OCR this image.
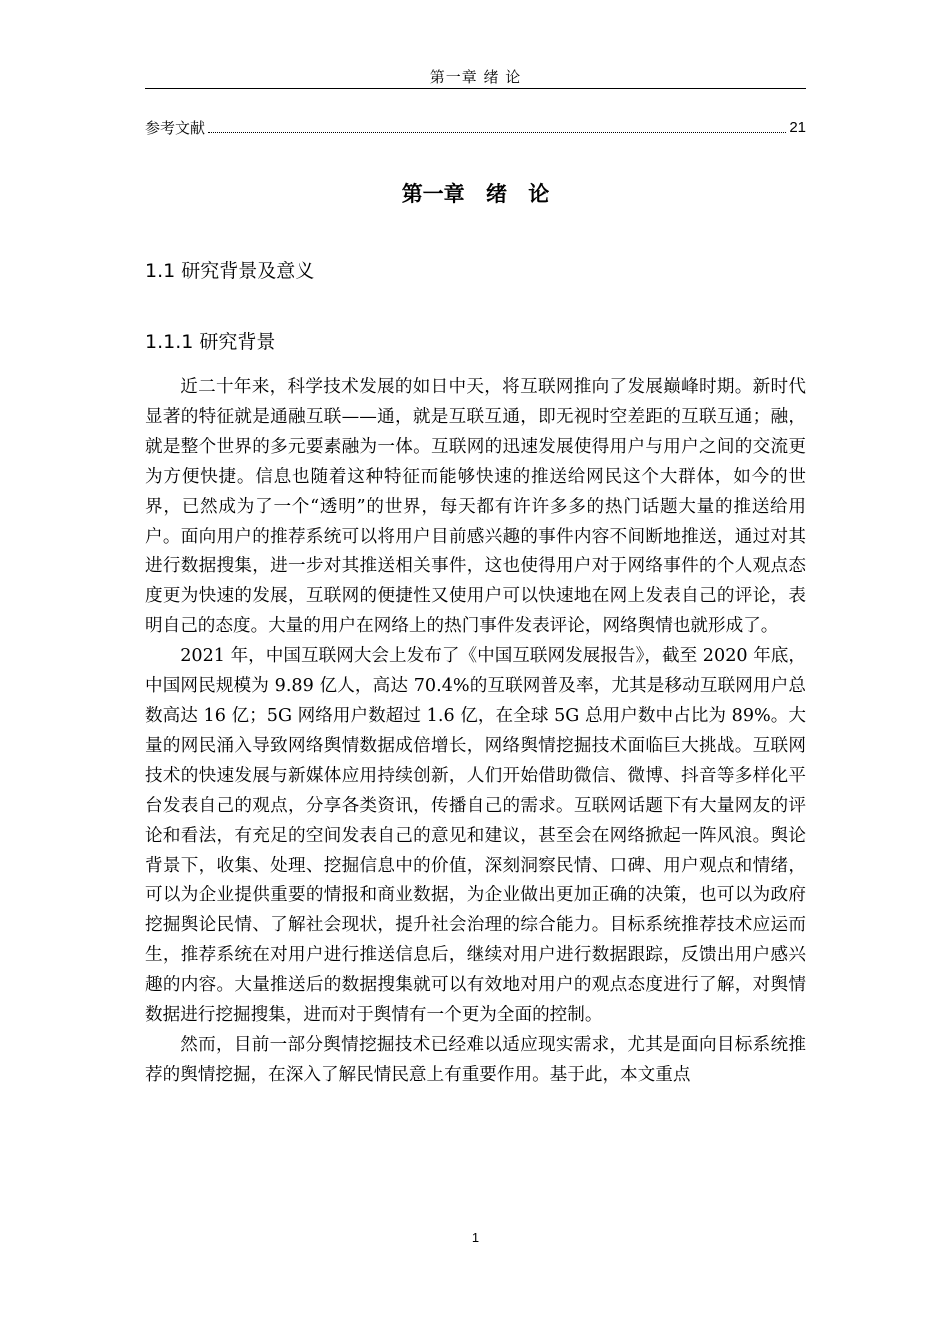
第一章 绪 论
参考文献	21
第一章 绪 论
1.1 研究背景及意义
1.1.1 研究背景

近二十年来，科学技术发展的如日中天，将互联网推向了发展巅峰时期。新时代显著的特征就是通融互联——通，就是互联互通，即无视时空差距的互联互通；融，就是整个世界的多元要素融为一体。互联网的迅速发展使得用户与用户之间的交流更为方便快捷。信息也随着这种特征而能够快速的推送给网民这个大群体，如今的世界，已然成为了一个“透明”的世界，每天都有许许多多的热门话题大量的推送给用户。面向用户的推荐系统可以将用户目前感兴趣的事件内容不间断地推送，通过对其进行数据搜集，进一步对其推送相关事件，这也使得用户对于网络事件的个人观点态度更为快速的发展，互联网的便捷性又使用户可以快速地在网上发表自己的评论，表明自己的态度。大量的用户在网络上的热门事件发表评论，网络舆情也就形成了。

2021 年，中国互联网大会上发布了《中国互联网发展报告》，截至 2020 年底，中国网民规模为 9.89 亿人，高达 70.4%的互联网普及率，尤其是移动互联网用户总数高达 16 亿；5G 网络用户数超过 1.6 亿，在全球 5G 总用户数中占比为 89%。大量的网民涌入导致网络舆情数据成倍增长，网络舆情挖掘技术面临巨大挑战。互联网技术的快速发展与新媒体应用持续创新，人们开始借助微信、微博、抖音等多样化平台发表自己的观点，分享各类资讯，传播自己的需求。互联网话题下有大量网友的评论和看法，有充足的空间发表自己的意见和建议，甚至会在网络掀起一阵风浪。舆论背景下，收集、处理、挖掘信息中的价值，深刻洞察民情、口碑、用户观点和情绪，可以为企业提供重要的情报和商业数据，为企业做出更加正确的决策，也可以为政府挖掘舆论民情、了解社会现状，提升社会治理的综合能力。目标系统推荐技术应运而生，推荐系统在对用户进行推送信息后，继续对用户进行数据跟踪，反馈出用户感兴趣的内容。大量推送后的数据搜集就可以有效地对用户的观点态度进行了解，对舆情数据进行挖掘搜集，进而对于舆情有一个更为全面的控制。

然而，目前一部分舆情挖掘技术已经难以适应现实需求，尤其是面向目标系统推荐的舆情挖掘，在深入了解民情民意上有重要作用。基于此，本文重点

1
